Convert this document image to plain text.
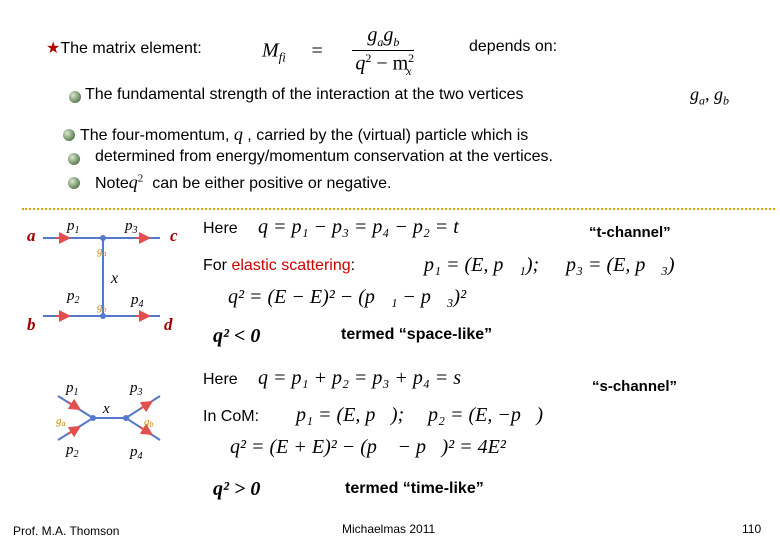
★The matrix element:	$M_{fi} = \frac{g_ag_b}{q^2 - m^2_x}$	depends on:
The fundamental strength of the interaction at the two vertices	$g_a$, $g_b$
The four-momentum, q , carried by the (virtual) particle which is
determined from energy/momentum conservation at the vertices.
Noteq$^2$ can be either positive or negative.
a
b
c
d
x
$p_1$	$p_3$
$p_2$	$p_4$
ga
gb
Here q = p₁ − p₃ = p₄ − p₂ = t	“t-channel”
For elastic scattering:	p₁ = (E, p⃗₁); p₃ = (E, p⃗₃)
q² = (E − E)² − (p⃗₁ − p⃗₃)²
q² < 0	termed “space-like”
x
$p_1$
$p_2$
$p_3$
$p_4$
ga	gb
Here q = p₁ + p₂ = p₃ + p₄ = s	“s-channel”
In CoM: p₁ = (E, p⃗); p₂ = (E, −p⃗)
q² = (E + E)² − (p⃗ − p⃗)² = 4E²
q² > 0	termed “time-like”
Prof. M.A. Thomson	Michaelmas 2011	110
